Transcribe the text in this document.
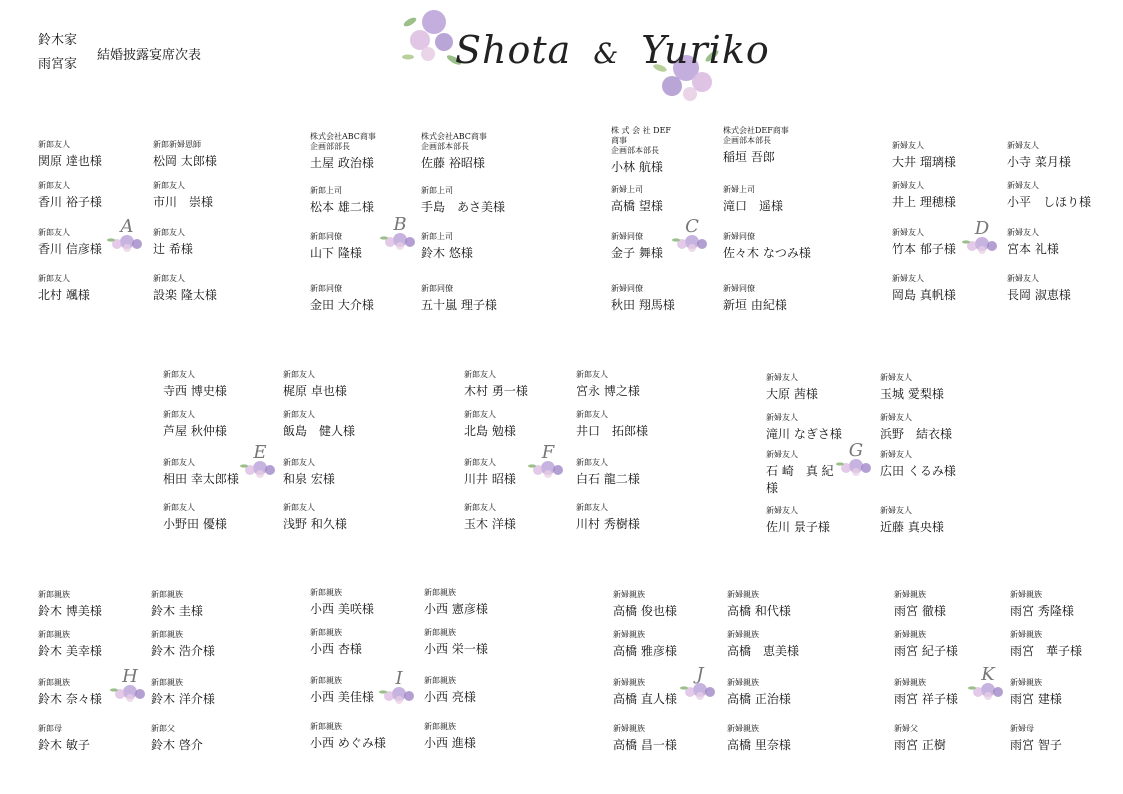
鈴木家
雨宮家
結婚披露宴席次表	Shota & Yuriko
新郎友人
関原 達也様
新郎新婦恩師
松岡 太郎様
新郎友人
香川 裕子様
新郎友人
市川　崇様
新郎友人
香川 信彦様
新郎友人
辻 希様
新郎友人
北村 颯様
新郎友人
設楽 隆太様
A
株式会社ABC商事
企画部部長
土屋 政治様
株式会社ABC商事
企画部本部長
佐藤 裕昭様
新郎上司
松本 雄二様
新郎上司
手島　あさ美様
新郎同僚
山下 隆様
新郎上司
鈴木 悠様
新郎同僚
金田 大介様
新郎同僚
五十嵐 理子様
B
株 式 会 社 DEF
商事
企画部本部長
小林 航様
株式会社DEF商事
企画部本部長
稲垣 吾郎
新婦上司
高橋 望様
新婦上司
滝口　遥様
新婦同僚
金子 舞様
新婦同僚
佐々木 なつみ様
新婦同僚
秋田 翔馬様
新婦同僚
新垣 由紀様
C
新婦友人
大井 瑠璃様
新婦友人
小寺 菜月様
新婦友人
井上 理穂様
新婦友人
小平　しほり様
新婦友人
竹本 郁子様
新婦友人
宮本 礼様
新婦友人
岡島 真帆様
新婦友人
長岡 淑恵様
D
新郎友人
寺西 博史様
新郎友人
梶原 卓也様
新郎友人
芦屋 秋仲様
新郎友人
飯島　健人様
新郎友人
相田 幸太郎様
新郎友人
和泉 宏様
新郎友人
小野田 優様
新郎友人
浅野 和久様
E
新郎友人
木村 勇一様
新郎友人
宮永 博之様
新郎友人
北島 勉様
新郎友人
井口　拓郎様
新郎友人
川井 昭様
新郎友人
白石 龍二様
新郎友人
玉木 洋様
新郎友人
川村 秀樹様
F
新婦友人
大原 茜様
新婦友人
玉城 愛梨様
新婦友人
滝川 なぎさ様
新婦友人
浜野　結衣様
新婦友人
石 崎　真 紀
様
新婦友人
広田 くるみ様
新婦友人
佐川 景子様
新婦友人
近藤 真央様
G
新郎親族
鈴木 博美様
新郎親族
鈴木 圭様
新郎親族
鈴木 美幸様
新郎親族
鈴木 浩介様
新郎親族
鈴木 奈々様
新郎親族
鈴木 洋介様
新郎母
鈴木 敏子
新郎父
鈴木 啓介
H
新郎親族
小西 美咲様
新郎親族
小西 憲彦様
新郎親族
小西 杏様
新郎親族
小西 栄一様
新郎親族
小西 美佳様
新郎親族
小西 亮様
新郎親族
小西 めぐみ様
新郎親族
小西 進様
I
新婦親族
高橋 俊也様
新婦親族
高橋 和代様
新婦親族
高橋 雅彦様
新婦親族
高橋　恵美様
新婦親族
高橋 直人様
新婦親族
高橋 正治様
新婦親族
高橋 昌一様
新婦親族
高橋 里奈様
J
新婦親族
雨宮 徹様
新婦親族
雨宮 秀隆様
新婦親族
雨宮 紀子様
新婦親族
雨宮　華子様
新婦親族
雨宮 祥子様
新婦親族
雨宮 建様
新婦父
雨宮 正樹
新婦母
雨宮 智子
K
